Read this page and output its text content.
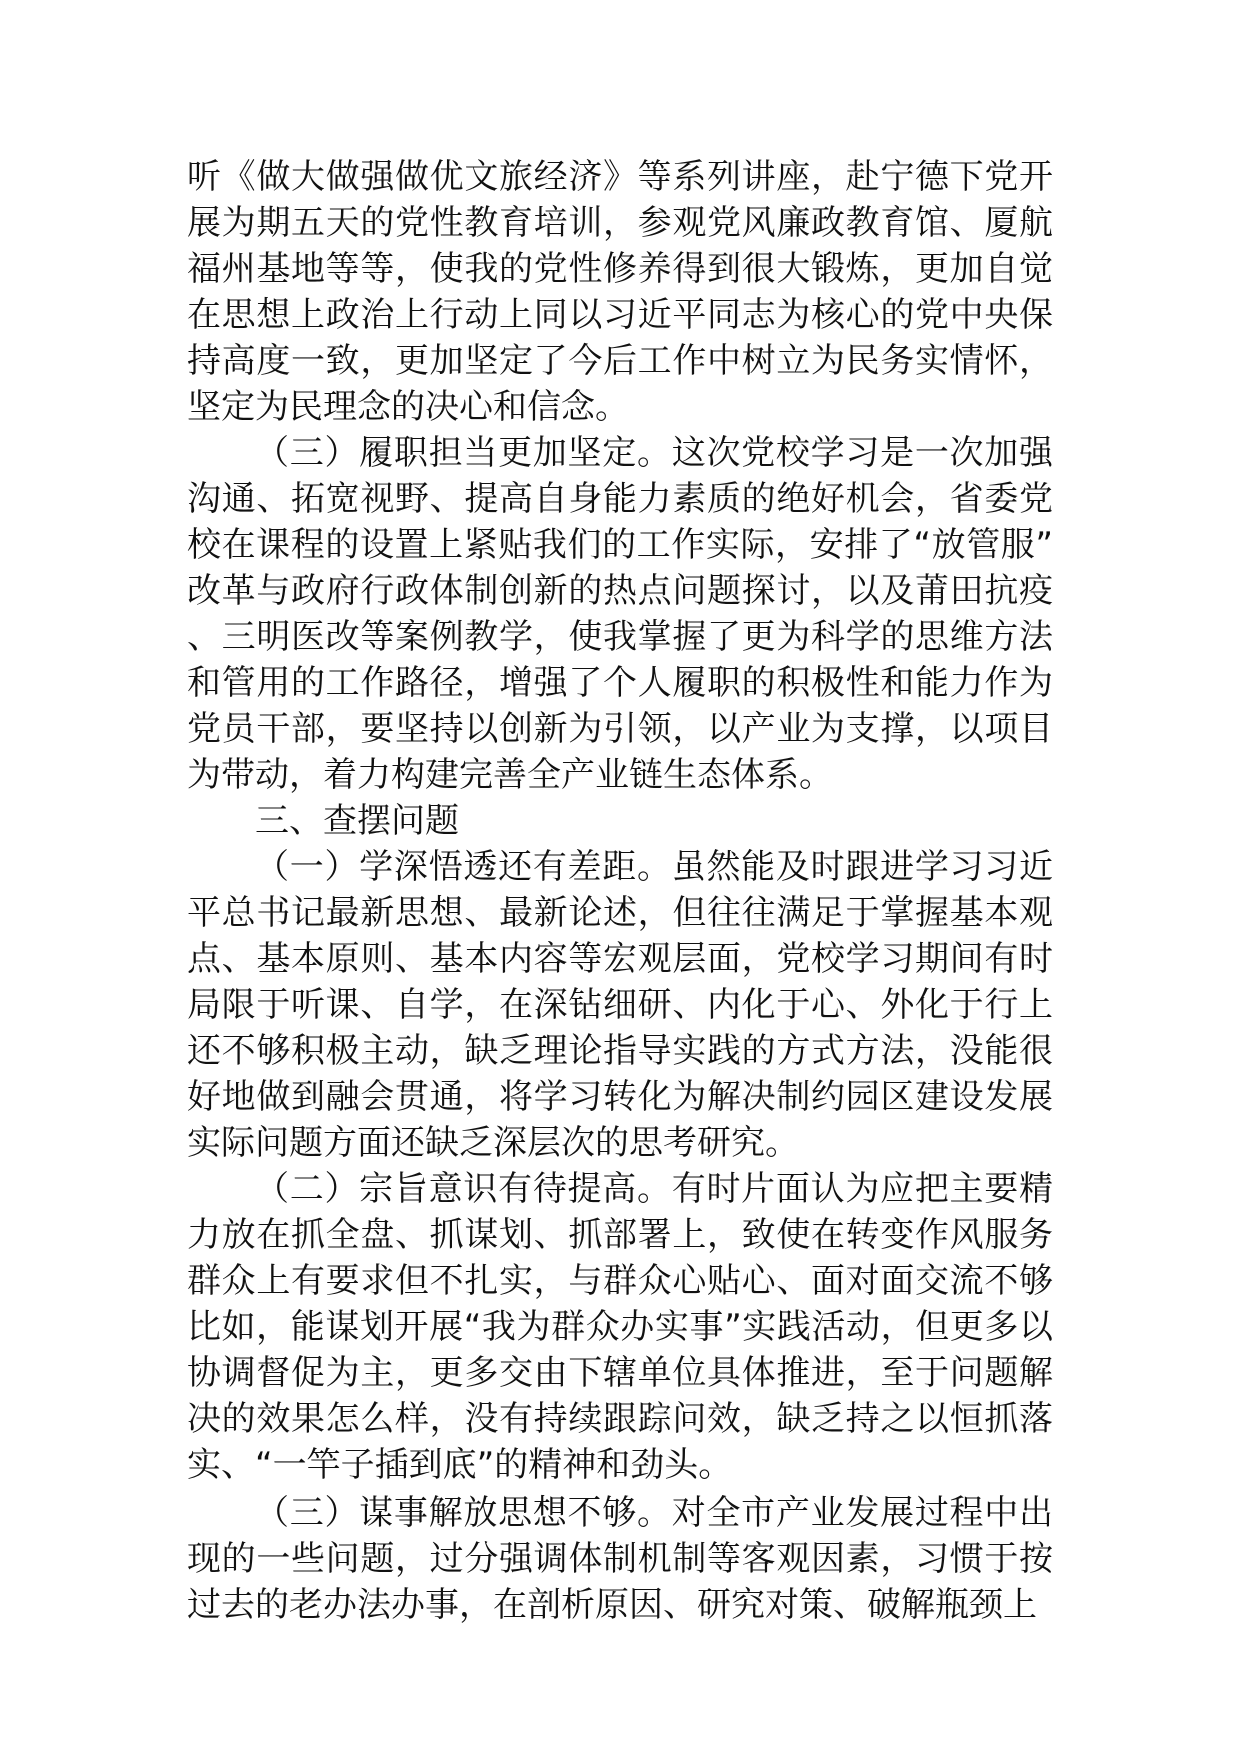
听《做大做强做优文旅经济》等系列讲座，赴宁德下党开展为期五天的党性教育培训，参观党风廉政教育馆、厦航福州基地等等，使我的党性修养得到很大锻炼，更加自觉在思想上政治上行动上同以习近平同志为核心的党中央保持高度一致，更加坚定了今后工作中树立为民务实情怀，坚定为民理念的决心和信念。

（三）履职担当更加坚定。这次党校学习是一次加强沟通、拓宽视野、提高自身能力素质的绝好机会，省委党校在课程的设置上紧贴我们的工作实际，安排了“放管服”改革与政府行政体制创新的热点问题探讨，以及莆田抗疫、三明医改等案例教学，使我掌握了更为科学的思维方法和管用的工作路径，增强了个人履职的积极性和能力作为党员干部，要坚持以创新为引领，以产业为支撑，以项目为带动，着力构建完善全产业链生态体系。

三、查摆问题

（一）学深悟透还有差距。虽然能及时跟进学习习近平总书记最新思想、最新论述，但往往满足于掌握基本观点、基本原则、基本内容等宏观层面，党校学习期间有时局限于听课、自学，在深钻细研、内化于心、外化于行上还不够积极主动，缺乏理论指导实践的方式方法，没能很好地做到融会贯通，将学习转化为解决制约园区建设发展实际问题方面还缺乏深层次的思考研究。

（二）宗旨意识有待提高。有时片面认为应把主要精力放在抓全盘、抓谋划、抓部署上，致使在转变作风服务群众上有要求但不扎实，与群众心贴心、面对面交流不够比如，能谋划开展“我为群众办实事”实践活动，但更多以协调督促为主，更多交由下辖单位具体推进，至于问题解决的效果怎么样，没有持续跟踪问效，缺乏持之以恒抓落实、“一竿子插到底”的精神和劲头。

（三）谋事解放思想不够。对全市产业发展过程中出现的一些问题，过分强调体制机制等客观因素，习惯于按过去的老办法办事，在剖析原因、研究对策、破解瓶颈上
